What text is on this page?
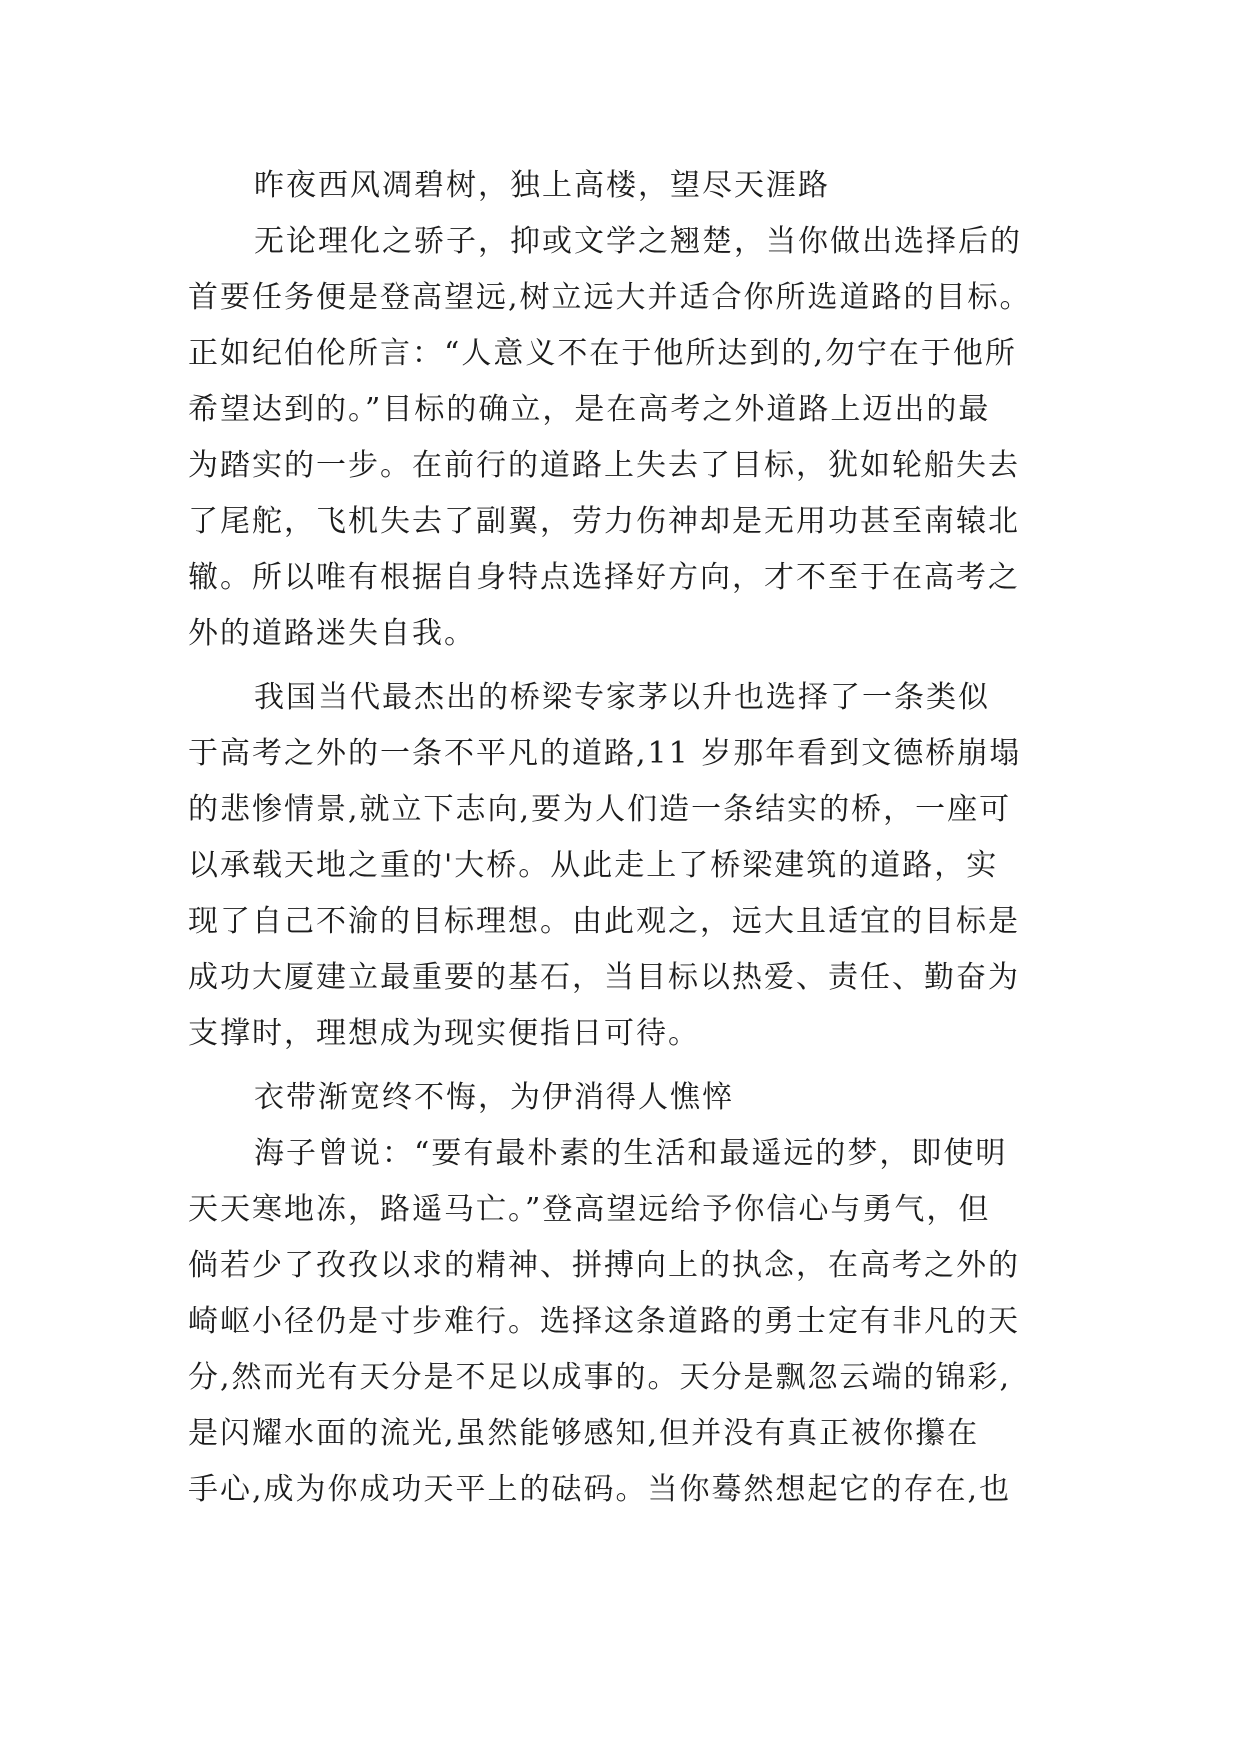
昨夜西风凋碧树，独上高楼，望尽天涯路
无论理化之骄子，抑或文学之翘楚，当你做出选择后的
首要任务便是登高望远,树立远大并适合你所选道路的目标。
正如纪伯伦所言：“人意义不在于他所达到的,勿宁在于他所
希望达到的。”目标的确立，是在高考之外道路上迈出的最
为踏实的一步。在前行的道路上失去了目标，犹如轮船失去
了尾舵，飞机失去了副翼，劳力伤神却是无用功甚至南辕北
辙。所以唯有根据自身特点选择好方向，才不至于在高考之
外的道路迷失自我。
我国当代最杰出的桥梁专家茅以升也选择了一条类似
于高考之外的一条不平凡的道路,11 岁那年看到文德桥崩塌
的悲惨情景,就立下志向,要为人们造一条结实的桥，一座可
以承载天地之重的'大桥。从此走上了桥梁建筑的道路，实
现了自己不渝的目标理想。由此观之，远大且适宜的目标是
成功大厦建立最重要的基石，当目标以热爱、责任、勤奋为
支撑时，理想成为现实便指日可待。
衣带渐宽终不悔，为伊消得人憔悴
海子曾说：“要有最朴素的生活和最遥远的梦，即使明
天天寒地冻，路遥马亡。”登高望远给予你信心与勇气，但
倘若少了孜孜以求的精神、拼搏向上的执念，在高考之外的
崎岖小径仍是寸步难行。选择这条道路的勇士定有非凡的天
分,然而光有天分是不足以成事的。天分是飘忽云端的锦彩,
是闪耀水面的流光,虽然能够感知,但并没有真正被你攥在
手心,成为你成功天平上的砝码。当你蓦然想起它的存在,也
